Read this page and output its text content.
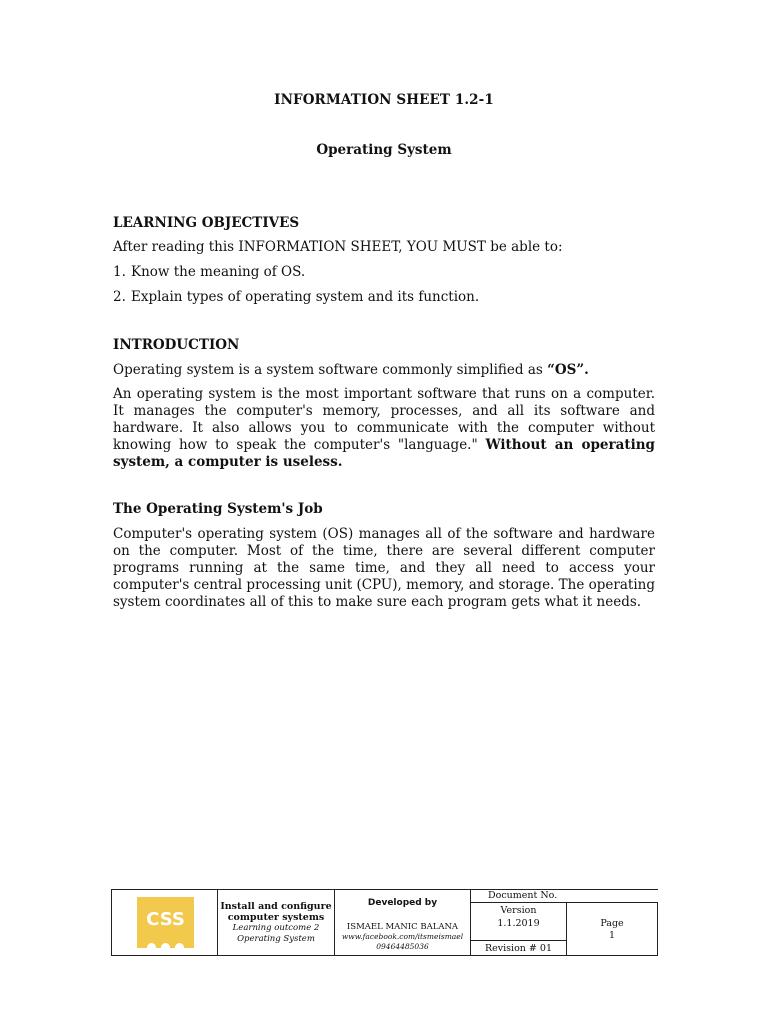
INFORMATION SHEET 1.2-1
Operating System
LEARNING OBJECTIVES
After reading this INFORMATION SHEET, YOU MUST be able to:
1. Know the meaning of OS.
2. Explain types of operating system and its function.
INTRODUCTION
Operating system is a system software commonly simplified as “OS”.
An operating system is the most important software that runs on a computer. It manages the computer's memory, processes, and all its software and hardware. It also allows you to communicate with the computer without knowing how to speak the computer's "language." Without an operating system, a computer is useless.
The Operating System's Job
Computer's operating system (OS) manages all of the software and hardware on the computer. Most of the time, there are several different computer programs running at the same time, and they all need to access your computer's central processing unit (CPU), memory, and storage. The operating system coordinates all of this to make sure each program gets what it needs.
CSS
Install and configure
computer systems
Learning outcome 2
Operating System
Developed by
ISMAEL MANIC BALANA
www.facebook.com/itsmeismael
09464485036
Document No.
Version
1.1.2019
Revision # 01
Page
1
